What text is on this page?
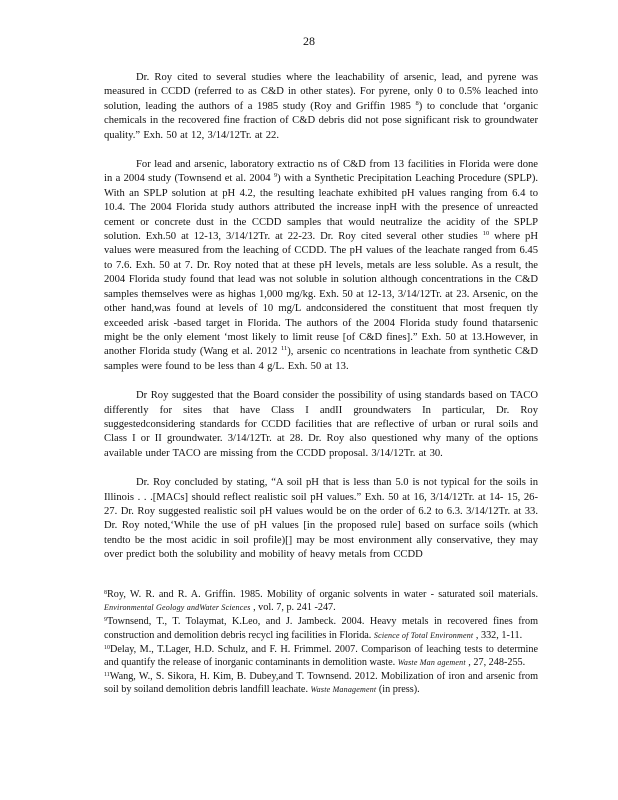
28

Dr. Roy cited to several studies where the leachability of arsenic, lead, and pyrene was measured in CCDD (referred to as C&D in other states). For pyrene, only 0 to 0.5% leached into solution, leading the authors of a 1985 study (Roy and Griffin 1985 $^8$) to conclude that ‘organic chemicals in the recovered fine fraction of C&D debris did not pose significant risk to groundwater quality.” Exh. 50 at 12, 3/14/12Tr. at 22.

For lead and arsenic, laboratory extractio ns of C&D from 13 facilities in Florida were done in a 2004 study (Townsend et al. 2004 $^9$) with a Synthetic Precipitation Leaching Procedure (SPLP). With an SPLP solution at pH 4.2, the resulting leachate exhibited pH values ranging from 6.4 to 10.4. The 2004 Florida study authors attributed the increase inpH with the presence of unreacted cement or concrete dust in the CCDD samples that would neutralize the acidity of the SPLP solution. Exh.50 at 12-13, 3/14/12Tr. at 22-23. Dr. Roy cited several other studies $^{10}$ where pH values were measured from the leaching of CCDD. The pH values of the leachate ranged from 6.45 to 7.6. Exh. 50 at 7. Dr. Roy noted that at these pH levels, metals are less soluble. As a result, the 2004 Florida study found that lead was not soluble in solution although concentrations in the C&D samples themselves were as highas 1,000 mg/kg. Exh. 50 at 12-13, 3/14/12Tr. at 23. Arsenic, on the other hand,was found at levels of 10 mg/L andconsidered the constituent that most frequen tly exceeded arisk -based target in Florida. The authors of the 2004 Florida study found thatarsenic might be the only element ‘most likely to limit reuse [of C&D fines].” Exh. 50 at 13.However, in another Florida study (Wang et al. 2012 $^{11}$), arsenic co ncentrations in leachate from synthetic C&D samples were found to be less than 4 g/L. Exh. 50 at 13.

Dr Roy suggested that the Board consider the possibility of using standards based on TACO differently for sites that have Class I andII groundwaters In particular, Dr. Roy suggestedconsidering standards for CCDD facilities that are reflective of urban or rural soils and Class I or II groundwater. 3/14/12Tr. at 28. Dr. Roy also questioned why many of the options available under TACO are missing from the CCDD proposal. 3/14/12Tr. at 30.

Dr. Roy concluded by stating, “A soil pH that is less than 5.0 is not typical for the soils in Illinois . . .[MACs] should reflect realistic soil pH values.” Exh. 50 at 16, 3/14/12Tr. at 14- 15, 26-27. Dr. Roy suggested realistic soil pH values would be on the order of 6.2 to 6.3. 3/14/12Tr. at 33. Dr. Roy noted,‘While the use of pH values [in the proposed rule] based on surface soils (which tendto be the most acidic in soil profile)[] may be most environment ally conservative, they may over predict both the solubility and mobility of heavy metals from CCDD

$^8$Roy, W. R. and R. A. Griffin. 1985. Mobility of organic solvents in water - saturated soil materials. Environmental Geology andWater Sciences , vol. 7, p. 241 -247.

$^9$Townsend, T., T. Tolaymat, K.Leo, and J. Jambeck. 2004. Heavy metals in recovered fines from construction and demolition debris recycl ing facilities in Florida. Science of Total Environment , 332, 1-11.

$^{10}$Delay, M., T.Lager, H.D. Schulz, and F. H. Frimmel. 2007. Comparison of leaching tests to determine and quantify the release of inorganic contaminants in demolition waste. Waste Man agement , 27, 248-255.

$^{11}$Wang, W., S. Sikora, H. Kim, B. Dubey,and T. Townsend. 2012. Mobilization of iron and arsenic from soil by soiland demolition debris landfill leachate. Waste Management (in press).
